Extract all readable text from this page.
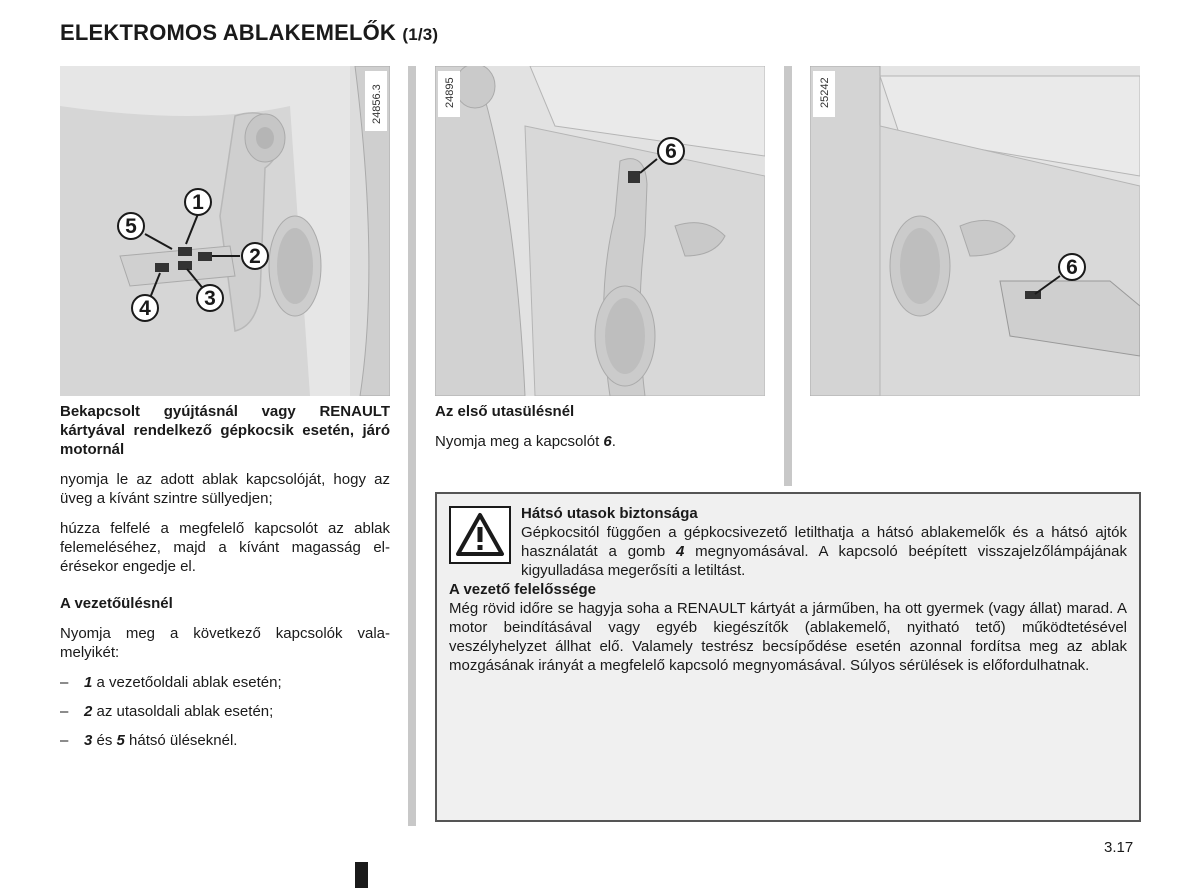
ELEKTROMOS ABLAKEMELŐK (1/3)
1
2
3
4
5
24856.3
6
24895
6
25242

Bekapcsolt gyújtásnál vagy RENAULT kártyával rendelkező gépkocsik esetén, járó motornál

nyomja le az adott ablak kapcsolóját, hogy az üveg a kívánt szintre süllyedjen;

húzza felfelé a megfelelő kapcsolót az ablak felemeléséhez, majd a kívánt magasság elérésekor engedje el.

A vezetőülésnél

Nyomja meg a következő kapcsolók valamelyikét:

–	1 a vezetőoldali ablak esetén;
–	2 az utasoldali ablak esetén;
–	3 és 5 hátsó üléseknél.

Az első utasülésnél

Nyomja meg a kapcsolót 6.

Hátsó utasok biztonsága
Gépkocsitól függően a gépkocsivezető letilthatja a hátsó ablakemelők és a hátsó ajtók használatát a gomb 4 megnyomásával. A kapcsoló beépített visszajelzőlámpájának kigyulladása megerősíti a letiltást.
A vezető felelőssége
Még rövid időre se hagyja soha a RENAULT kártyát a járműben, ha ott gyermek (vagy állat) marad. A motor beindításával vagy egyéb kiegészítők (ablakemelő, nyitható tető) működtetésével veszélyhelyzet állhat elő. Valamely testrész becsípődése esetén azonnal fordítsa meg az ablak mozgásának irányát a megfelelő kapcsoló megnyomásával. Súlyos sérülések is előfordulhatnak.
3.17
